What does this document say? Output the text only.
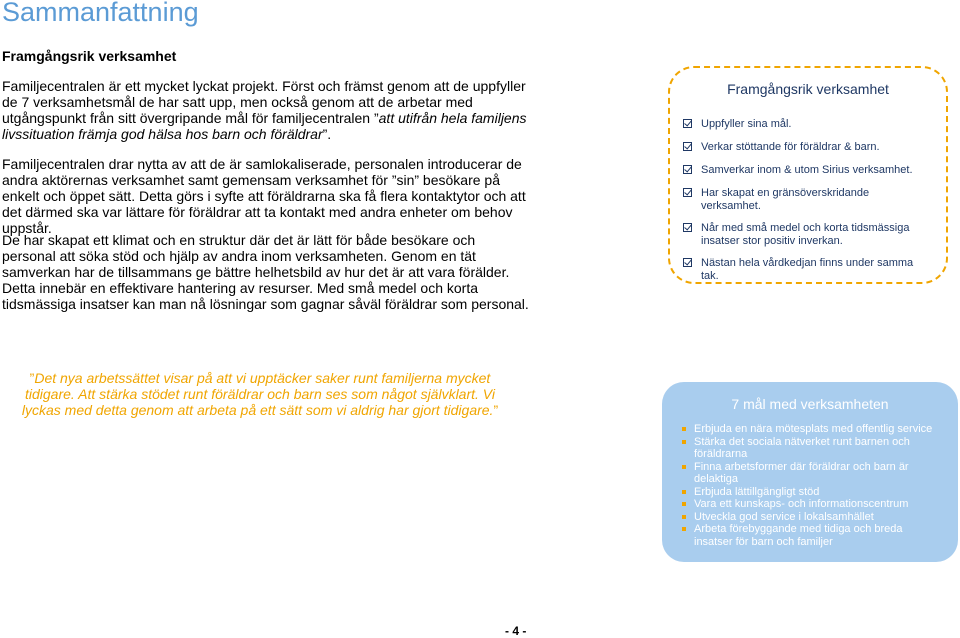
Sammanfattning

Framgångsrik verksamhet

Familjecentralen är ett mycket lyckat projekt. Först och främst genom att de uppfyller de 7 verksamhetsmål de har satt upp, men också genom att de arbetar med utgångspunkt från sitt övergripande mål för familjecentralen ”att utifrån hela familjens livssituation främja god hälsa hos barn och föräldrar”.

Familjecentralen drar nytta av att de är samlokaliserade, personalen introducerar de andra aktörernas verksamhet samt gemensam verksamhet för ”sin” besökare på enkelt och öppet sätt. Detta görs i syfte att föräldrarna ska få flera kontaktytor och att det därmed ska var lättare för föräldrar att ta kontakt med andra enheter om behov uppstår.

De har skapat ett klimat och en struktur där det är lätt för både besökare och personal att söka stöd och hjälp av andra inom verksamheten. Genom en tät samverkan har de tillsammans ge bättre helhetsbild av hur det är att vara förälder. Detta innebär en effektivare hantering av resurser. Med små medel och korta tidsmässiga insatser kan man nå lösningar som gagnar såväl föräldrar som personal.

Framgångsrik verksamhet
Uppfyller sina mål.
Verkar stöttande för föräldrar & barn.
Samverkar inom & utom Sirius verksamhet.
Har skapat en gränsöverskridande verksamhet.
Når med små medel och korta tidsmässiga insatser stor positiv inverkan.
Nästan hela vårdkedjan finns under samma tak.
”Det nya arbetssättet visar på att vi upptäcker saker runt familjerna mycket tidigare. Att stärka stödet runt föräldrar och barn ses som något självklart. Vi lyckas med detta genom att arbeta på ett sätt som vi aldrig har gjort tidigare.”	7 mål med verksamheten
Erbjuda en nära mötesplats med offentlig service
Stärka det sociala nätverket runt barnen och föräldrarna
Finna arbetsformer där föräldrar och barn är delaktiga
Erbjuda lättillgängligt stöd
Vara ett kunskaps- och informationscentrum
Utveckla god service i lokalsamhället
Arbeta förebyggande med tidiga och breda insatser för barn och familjer

- 4 -
